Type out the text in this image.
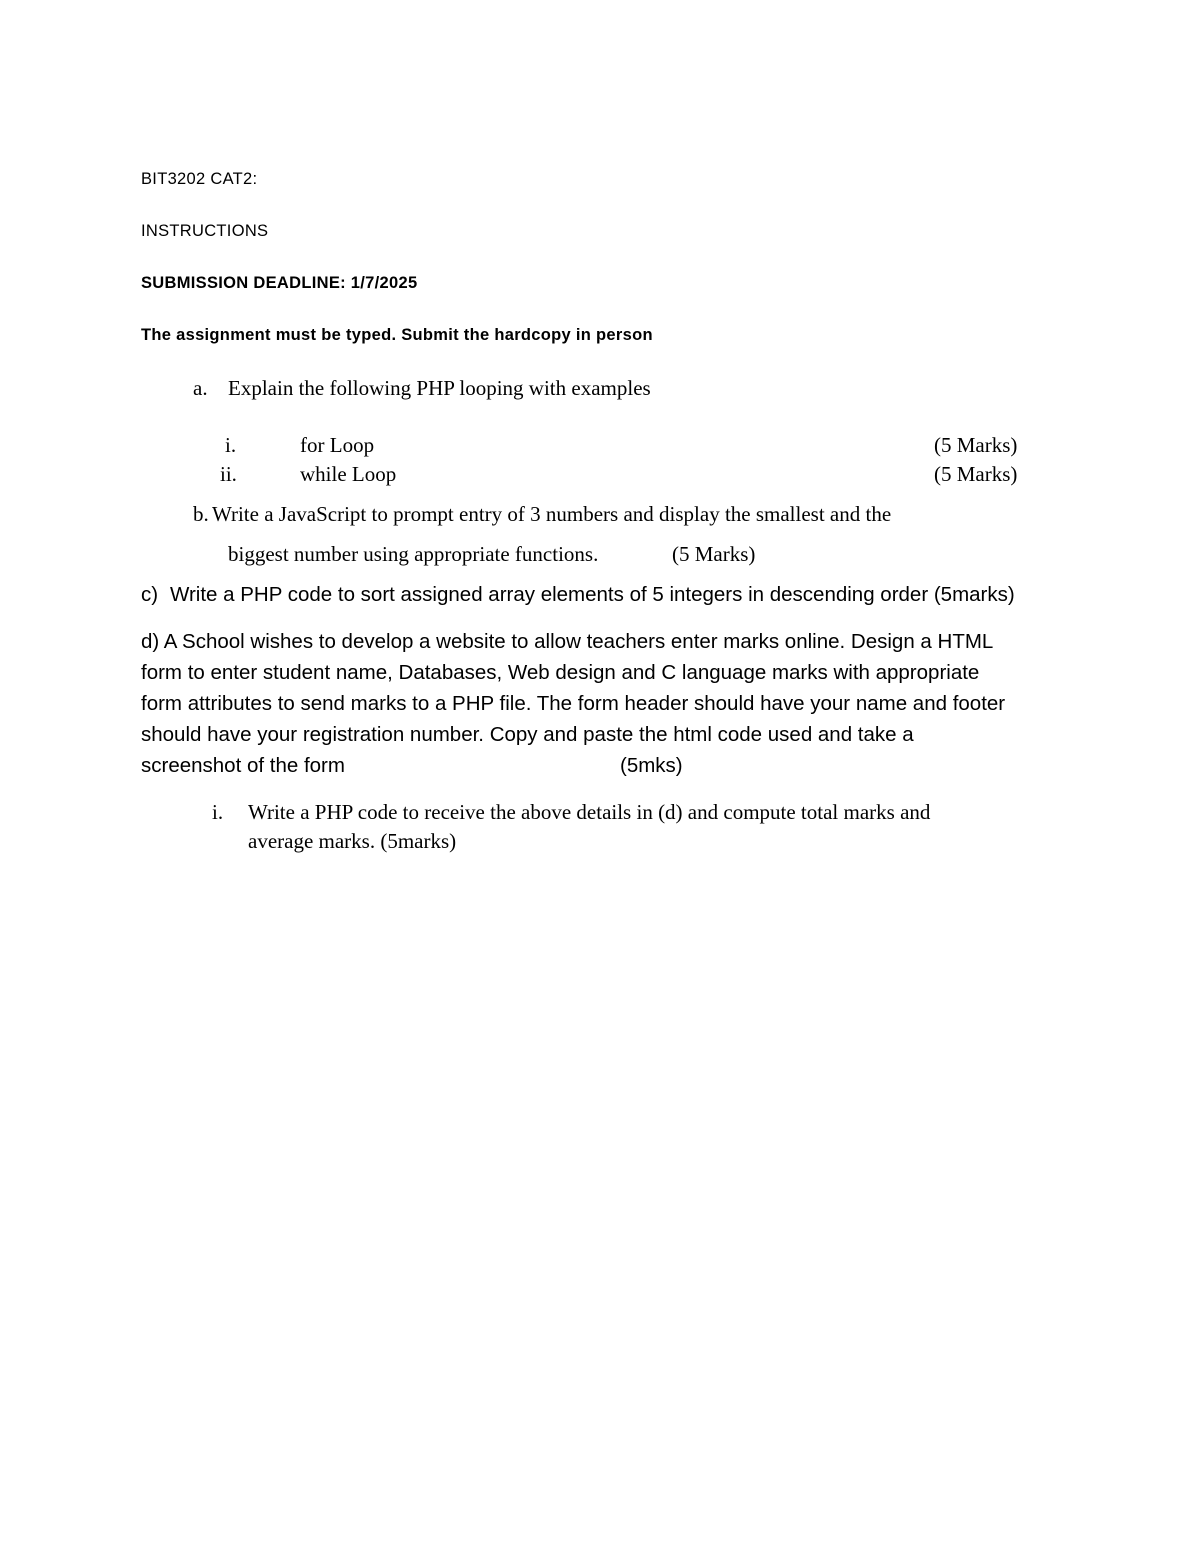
BIT3202 CAT2:
INSTRUCTIONS
SUBMISSION DEADLINE: 1/7/2025
The assignment must be typed. Submit the hardcopy in person
a. Explain the following PHP looping with examples
i.	for Loop	(5 Marks)
ii.	while Loop	(5 Marks)
b. Write a JavaScript to prompt entry of 3 numbers and display the smallest and the
biggest number using appropriate functions.	(5 Marks)
c) Write a PHP code to sort assigned array elements of 5 integers in descending order (5marks)
d) A School wishes to develop a website to allow teachers enter marks online. Design a HTML
form to enter student name, Databases, Web design and C language marks with appropriate
form attributes to send marks to a PHP file. The form header should have your name and footer
should have your registration number. Copy and paste the html code used and take a
screenshot of the form	(5mks)
i. Write a PHP code to receive the above details in (d) and compute total marks and
average marks. (5marks)
